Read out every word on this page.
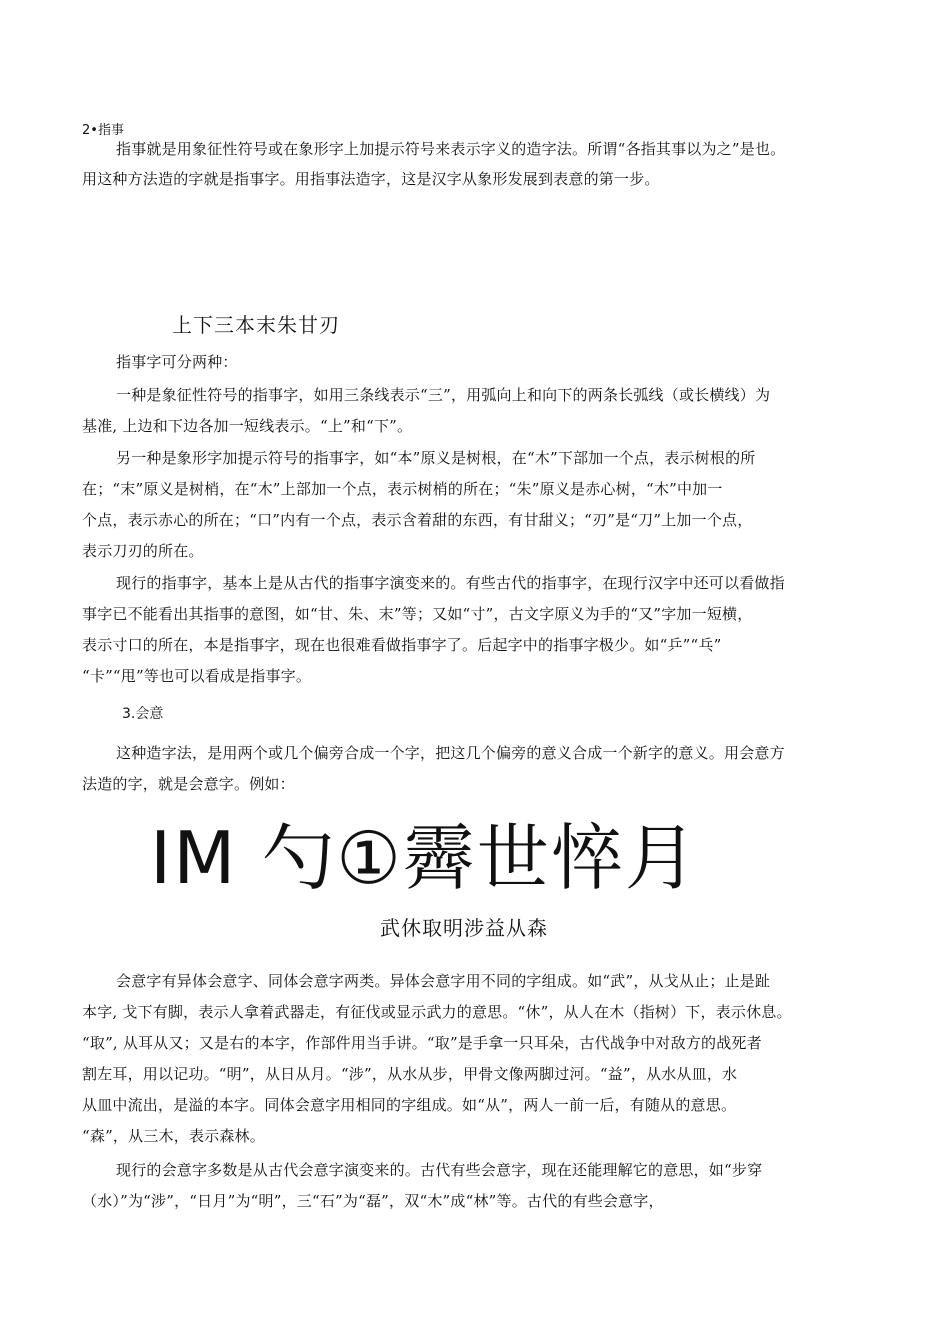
2•指事
指事就是用象征性符号或在象形字上加提示符号来表示字义的造字法。所谓“各指其事以为之”是也。
用这种方法造的字就是指事字。用指事法造字，这是汉字从象形发展到表意的第一步。
上下三本末朱甘刃
指事字可分两种：
一种是象征性符号的指事字，如用三条线表示“三”，用弧向上和向下的两条长弧线（或长横线）为
基准, 上边和下边各加一短线表示。“上”和“下”。
另一种是象形字加提示符号的指事字，如“本”原义是树根，在“木”下部加一个点，表示树根的所
在；“末”原义是树梢，在“木”上部加一个点，表示树梢的所在；“朱”原义是赤心树，“木”中加一
个点，表示赤心的所在；“口”内有一个点，表示含着甜的东西，有甘甜义；“刃”是“刀”上加一个点，
表示刀刃的所在。
现行的指事字，基本上是从古代的指事字演变来的。有些古代的指事字，在现行汉字中还可以看做指
事字已不能看出其指事的意图，如“甘、朱、末”等；又如“寸”，古文字原义为手的“又”字加一短横，
表示寸口的所在，本是指事字，现在也很难看做指事字了。后起字中的指事字极少。如“乒”“乓”
“卡”“甩”等也可以看成是指事字。
3.会意
这种造字法，是用两个或几个偏旁合成一个字，把这几个偏旁的意义合成一个新字的意义。用会意方
法造的字，就是会意字。例如：
IM 勺①霽世悴月
武休取明涉益从森
会意字有异体会意字、同体会意字两类。异体会意字用不同的字组成。如“武”，从戈从止；止是趾
本字, 戈下有脚，表示人拿着武器走，有征伐或显示武力的意思。“休”，从人在木（指树）下，表示休息。
“取”, 从耳从又；又是右的本字，作部件用当手讲。“取”是手拿一只耳朵，古代战争中对敌方的战死者
割左耳，用以记功。“明”，从日从月。“涉”，从水从步，甲骨文像两脚过河。“益”，从水从皿，水
从皿中流出，是溢的本字。同体会意字用相同的字组成。如“从”，两人一前一后，有随从的意思。
“森”，从三木，表示森林。
现行的会意字多数是从古代会意字演变来的。古代有些会意字，现在还能理解它的意思，如“步穿
（水）”为“涉”，“日月”为“明”，三“石”为“磊”，双“木”成“林”等。古代的有些会意字，
